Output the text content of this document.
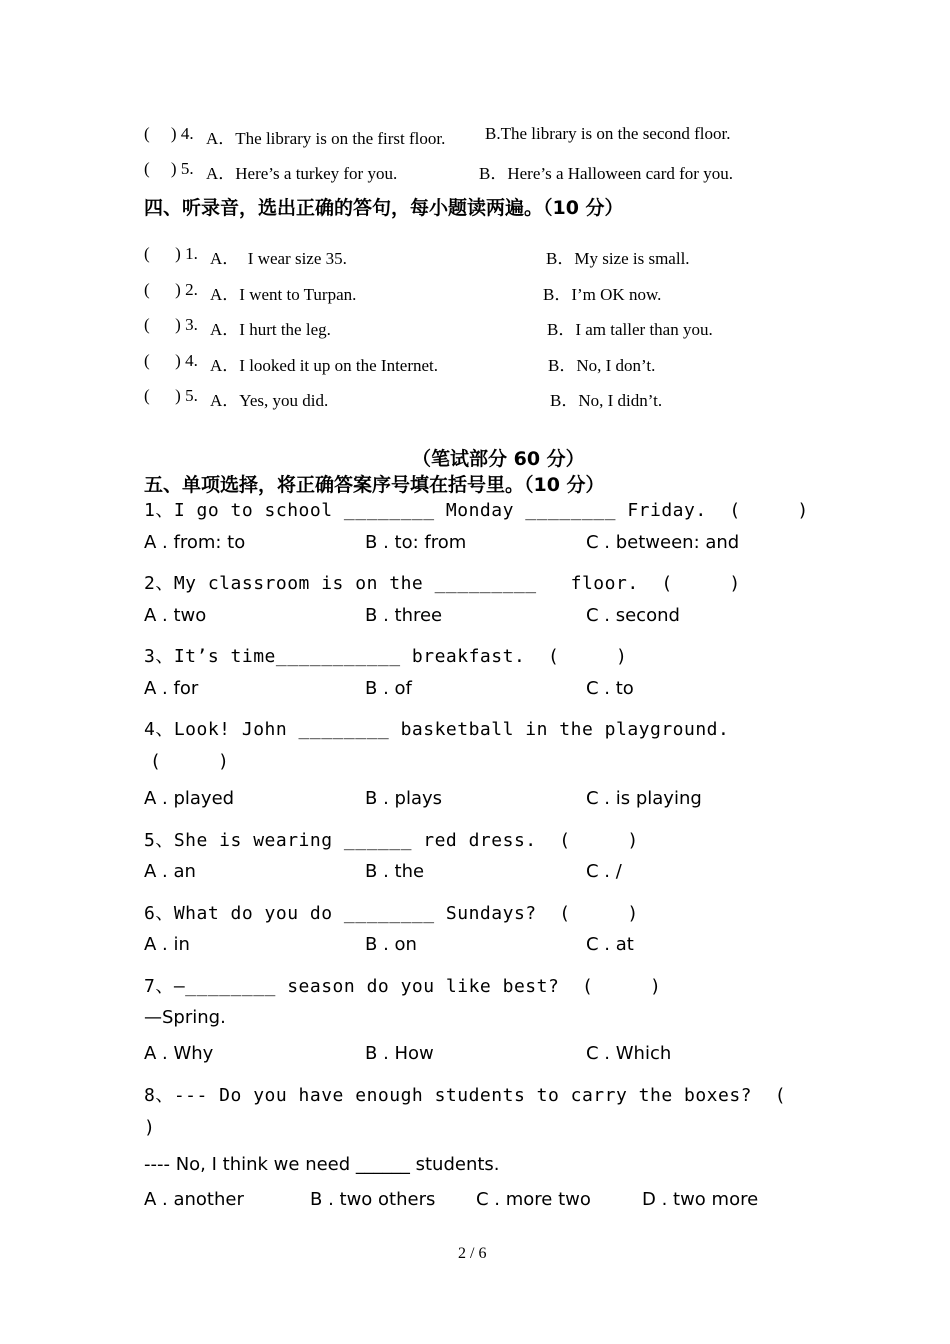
(     ) 4. A．The library is on the first floor. B.The library is on the second floor.
(     ) 5. A．Here’s a turkey for you.	B．Here’s a Halloween card for you.
四、听录音，选出正确的答句，每小题读两遍。（10 分）
(      ) 1. A．  I wear size 35.	B．My size is small.
(      ) 2. A．I went to Turpan.	B．I’m OK now.
(      ) 3. A．I hurt the leg.	B．I am taller than you.
(      ) 4. A．I looked it up on the Internet.	B．No, I don’t.
(      ) 5. A．Yes, you did.	B．No, I didn’t.
（笔试部分 60 分）
五、单项选择，将正确答案序号填在括号里。（10 分）
1、I go to school ________ Monday ________ Friday.  (     )
A . from: to	B . to: from	C . between: and
2、My classroom is on the _________   floor.  (     )
A . two	B . three	C . second
3、It’s time___________ breakfast.  (     )
A . for	B . of	C . to
4、Look! John ________ basketball in the playground.
(     )
A . played	B . plays	C . is playing
5、She is wearing ______ red dress.  (     )
A . an	B . the	C . /
6、What do you do ________ Sundays?  (     )
A . in	B . on	C . at
7、—________ season do you like best?  (     )
—Spring.
A . Why	B . How	C . Which
8、--- Do you have enough students to carry the boxes?  (
)
---- No, I think we need ______ students.
A . another	B . two others C . more two	D . two more
2 / 6
